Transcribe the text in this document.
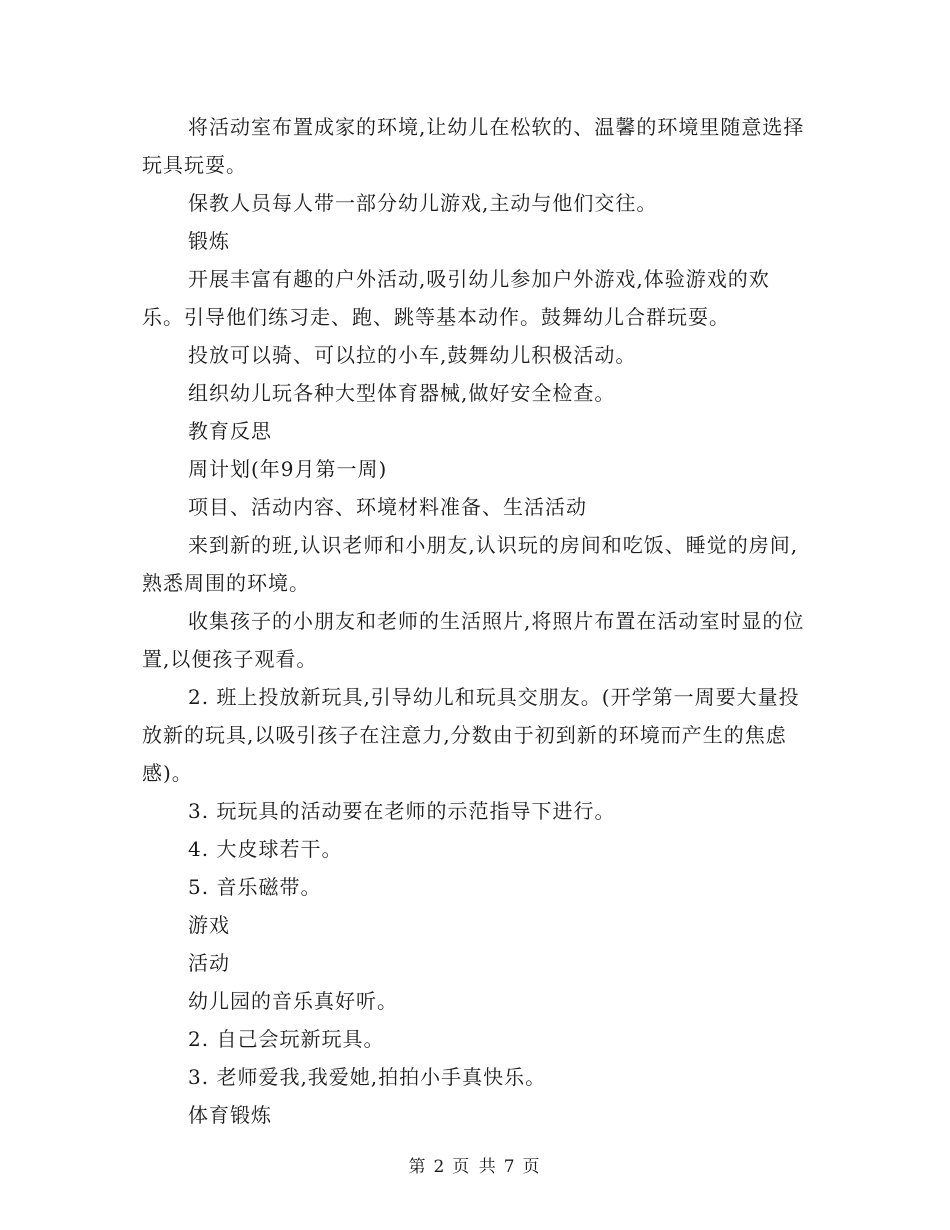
将活动室布置成家的环境,让幼儿在松软的、温馨的环境里随意选择玩具玩耍。

保教人员每人带一部分幼儿游戏,主动与他们交往。

锻炼

开展丰富有趣的户外活动,吸引幼儿参加户外游戏,体验游戏的欢乐。引导他们练习走、跑、跳等基本动作。鼓舞幼儿合群玩耍。

投放可以骑、可以拉的小车,鼓舞幼儿积极活动。

组织幼儿玩各种大型体育器械,做好安全检查。

教育反思

周计划(年9月第一周)

项目、活动内容、环境材料准备、生活活动

来到新的班,认识老师和小朋友,认识玩的房间和吃饭、睡觉的房间,熟悉周围的环境。

收集孩子的小朋友和老师的生活照片,将照片布置在活动室时显的位置,以便孩子观看。

2. 班上投放新玩具,引导幼儿和玩具交朋友。(开学第一周要大量投放新的玩具,以吸引孩子在注意力,分数由于初到新的环境而产生的焦虑感)。

3. 玩玩具的活动要在老师的示范指导下进行。

4. 大皮球若干。

5. 音乐磁带。

游戏

活动

幼儿园的音乐真好听。

2. 自己会玩新玩具。

3. 老师爱我,我爱她,拍拍小手真快乐。

体育锻炼

第 2 页 共 7 页
